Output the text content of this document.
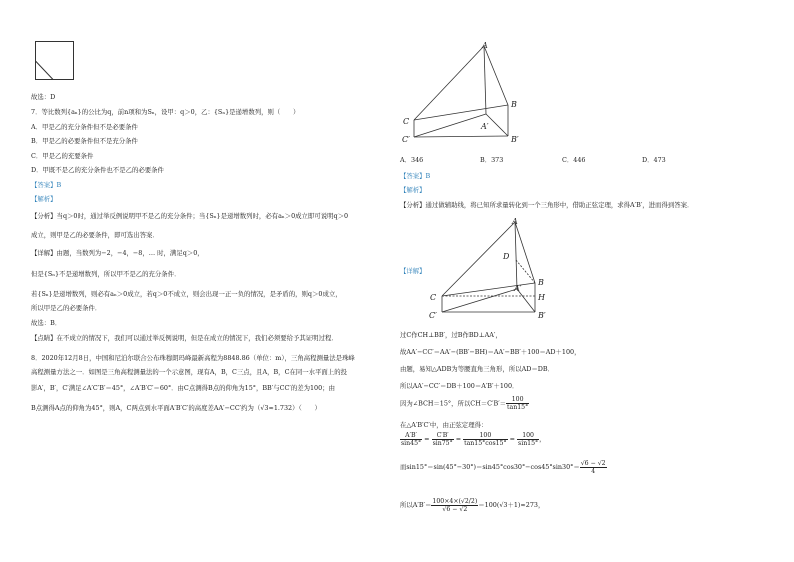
故选：D
7．等比数列{aₙ}的公比为q，前n项和为Sₙ，设甲：q＞0，乙：{Sₙ}是递增数列，则（　　）
A．甲是乙的充分条件但不是必要条件
B．甲是乙的必要条件但不是充分条件
C．甲是乙的充要条件
D．甲既不是乙的充分条件也不是乙的必要条件
【答案】B
【解析】
【分析】当q＞0时，通过举反例说明甲不是乙的充分条件；当{Sₙ}是递增数列时，必有aₙ＞0成立即可说明q＞0
成立，则甲是乙的必要条件，即可选出答案．
【详解】由题，当数列为−2，−4，−8，… 时，满足q＞0，
但是{Sₙ}不是递增数列，所以甲不是乙的充分条件．
若{Sₙ}是递增数列，则必有aₙ＞0成立，若q＞0不成立，则会出现一正一负的情况，是矛盾的，则q＞0成立，
所以甲是乙的必要条件．
故选：B．
【点睛】在不成立的情况下，我们可以通过举反例说明，但是在成立的情况下，我们必须要给予其证明过程．
8．2020年12月8日，中国和尼泊尔联合公布珠穆朗玛峰最新高程为8848.86（单位：m），三角高程测量法是珠峰
高程测量方法之一．如图是三角高程测量法的一个示意图，现有A，B，C三点，且A，B，C在同一水平面上的投
影A′，B′，C′满足∠A′C′B′＝45°，∠A′B′C′＝60°．由C点测得B点的仰角为15°，BB′与CC′的差为100；由
B点测得A点的仰角为45°，则A，C两点到水平面A′B′C′的高度差AA′−CC′约为（√3≈1.732）（　　）
A
B
C
C′
A′
B′
A．346	B．373	C．446	D．473
【答案】B
【解析】
【分析】通过做辅助线，将已知所求量转化到一个三角形中，借助正弦定理，求得A′B′，进而得到答案．
A
D
B
H
C
C′
A′
B′
【详解】
过C作CH⊥BB′，过B作BD⊥AA′，
故AA′−CC′＝AA′−(BB′−BH)＝AA′−BB′＋100＝AD＋100，
由题，易知△ADB为等腰直角三角形，所以AD＝DB．
所以AA′−CC′＝DB＋100＝A′B′＋100．
因为∠BCH＝15°，所以$CH=C'B'= \frac{100}{\tan 15^\circ}$
在△A′B′C′中，由正弦定理得：
$\frac{A'B'}{\sin 45^\circ} = \frac{C'B'}{\sin 75^\circ} = \frac{100}{\tan 15^\circ\cos 15^\circ} = \frac{100}{\sin 15^\circ}$ ，
而$\sin 15^\circ=\sin(45^\circ-30^\circ)=\sin 45^\circ\cos 30^\circ-\cos 45^\circ\sin 30^\circ= \frac{√6 - √2}{4}$
所以$A'B'= \frac{100\times 4\times(√2/2)}{√6 - √2} =100(√3+1)\approx 273$，
